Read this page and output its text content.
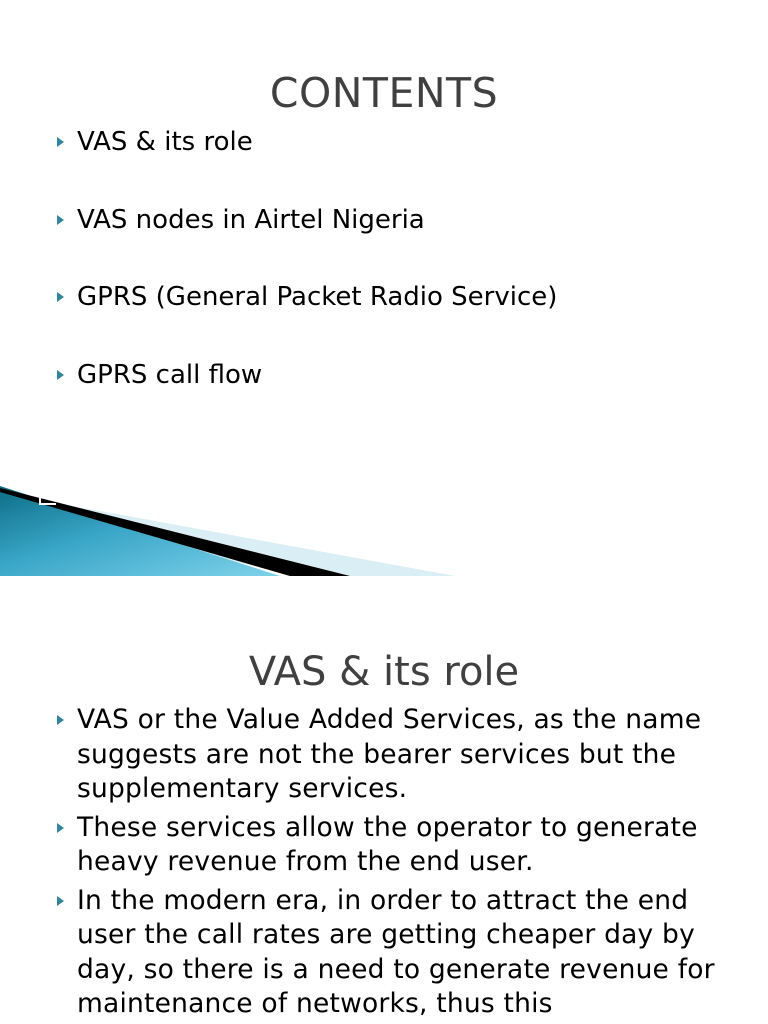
CONTENTS
VAS & its role
VAS nodes in Airtel Nigeria
GPRS (General Packet Radio Service)
GPRS call flow
VAS & its role
VAS or the Value Added Services, as the name suggests are not the bearer services but the supplementary services.
These services allow the operator to generate heavy revenue from the end user.
In the modern era, in order to attract the end user the call rates are getting cheaper day by day, so there is a need to generate revenue for maintenance of networks, thus this
